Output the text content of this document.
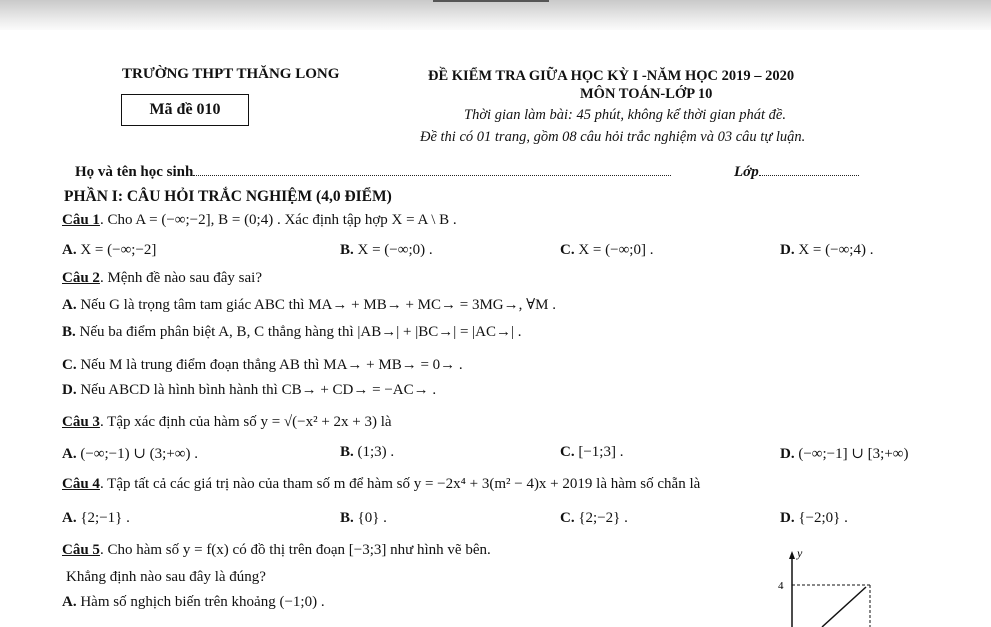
TRƯỜNG THPT THĂNG LONG
Mã đề 010
ĐỀ KIỂM TRA GIỮA HỌC KỲ I -NĂM HỌC 2019 – 2020
MÔN TOÁN-LỚP 10
Thời gian làm bài: 45 phút, không kể thời gian phát đề.
Đề thi có 01 trang, gồm 08 câu hỏi trắc nghiệm và 03 câu tự luận.
Họ và tên học sinh	Lớp
PHẦN I: CÂU HỎI TRẮC NGHIỆM (4,0 ĐIỂM)
Câu 1. Cho A = (−∞;−2], B = (0;4) . Xác định tập hợp X = A \ B .
A. X = (−∞;−2]	B. X = (−∞;0) .	C. X = (−∞;0] .	D. X = (−∞;4) .
Câu 2. Mệnh đề nào sau đây sai?
A. Nếu G là trọng tâm tam giác ABC thì MA→ + MB→ + MC→ = 3MG→, ∀M .
B. Nếu ba điểm phân biệt A, B, C thẳng hàng thì |AB→| + |BC→| = |AC→| .
C. Nếu M là trung điểm đoạn thẳng AB thì MA→ + MB→ = 0→ .
D. Nếu ABCD là hình bình hành thì CB→ + CD→ = −AC→ .
Câu 3. Tập xác định của hàm số y = √(−x² + 2x + 3) là
A. (−∞;−1) ∪ (3;+∞) .	B. (1;3) .	C. [−1;3] .	D. (−∞;−1] ∪ [3;+∞)
Câu 4. Tập tất cả các giá trị nào của tham số m để hàm số y = −2x⁴ + 3(m² − 4)x + 2019 là hàm số chẵn là
A. {2;−1} .	B. {0} .	C. {2;−2} .	D. {−2;0} .
Câu 5. Cho hàm số y = f(x) có đồ thị trên đoạn [−3;3] như hình vẽ bên.
Khẳng định nào sau đây là đúng?
A. Hàm số nghịch biến trên khoảng (−1;0) .
y
4
